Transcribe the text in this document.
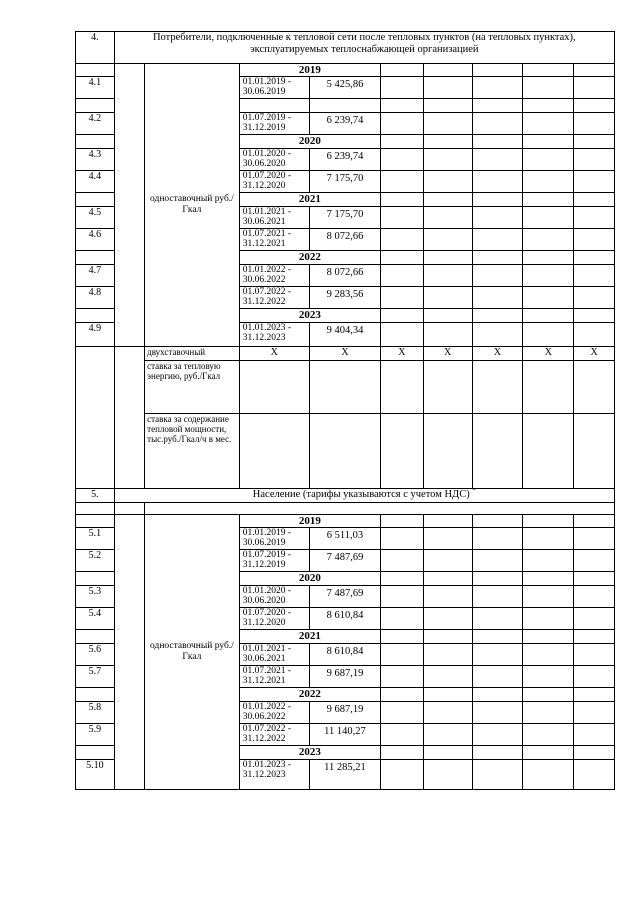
4.	Потребители, подключенные к тепловой сети после тепловых пунктов (на тепловых пунктах), эксплуатируемых теплоснабжающей организацией								
		одноставочный руб./Гкал	2019						
4.1			01.01.2019 - 30.06.2019	5 425,86					

4.2			01.07.2019 - 31.12.2019	6 239,74					
			2020						
4.3			01.01.2020 - 30.06.2020	6 239,74					
4.4			01.07.2020 - 31.12.2020	7 175,70					
			2021						
4.5			01.01.2021 - 30.06.2021	7 175,70					
4.6			01.07.2021 - 31.12.2021	8 072,66					
			2022						
4.7			01.01.2022 - 30.06.2022	8 072,66					
4.8			01.07.2022 - 31.12.2022	9 283,56					
			2023						
4.9			01.01.2023 - 31.12.2023	9 404,34					
		двухставочный	X	X	X	X	X	X	X
		ставка за тепловую энергию, руб./Гкал							
		ставка за содержание тепловой мощности, тыс.руб./Гкал/ч в мес.							
5.	Население (тарифы указываются с учетом НДС) *

		одноставочный руб./Гкал	2019						
5.1			01.01.2019 - 30.06.2019	6 511,03					
5.2			01.07.2019 - 31.12.2019	7 487,69					
			2020						
5.3			01.01.2020 - 30.06.2020	7 487,69					
5.4			01.07.2020 - 31.12.2020	8 610,84					
			2021						
5.6			01.01.2021 - 30.06.2021	8 610,84					
5.7			01.07.2021 - 31.12.2021	9 687,19					
			2022						
5.8			01.01.2022 - 30.06.2022	9 687,19					
5.9			01.07.2022 - 31.12.2022	11 140,27					
			2023						
5.10			01.01.2023 - 31.12.2023	11 285,21					
